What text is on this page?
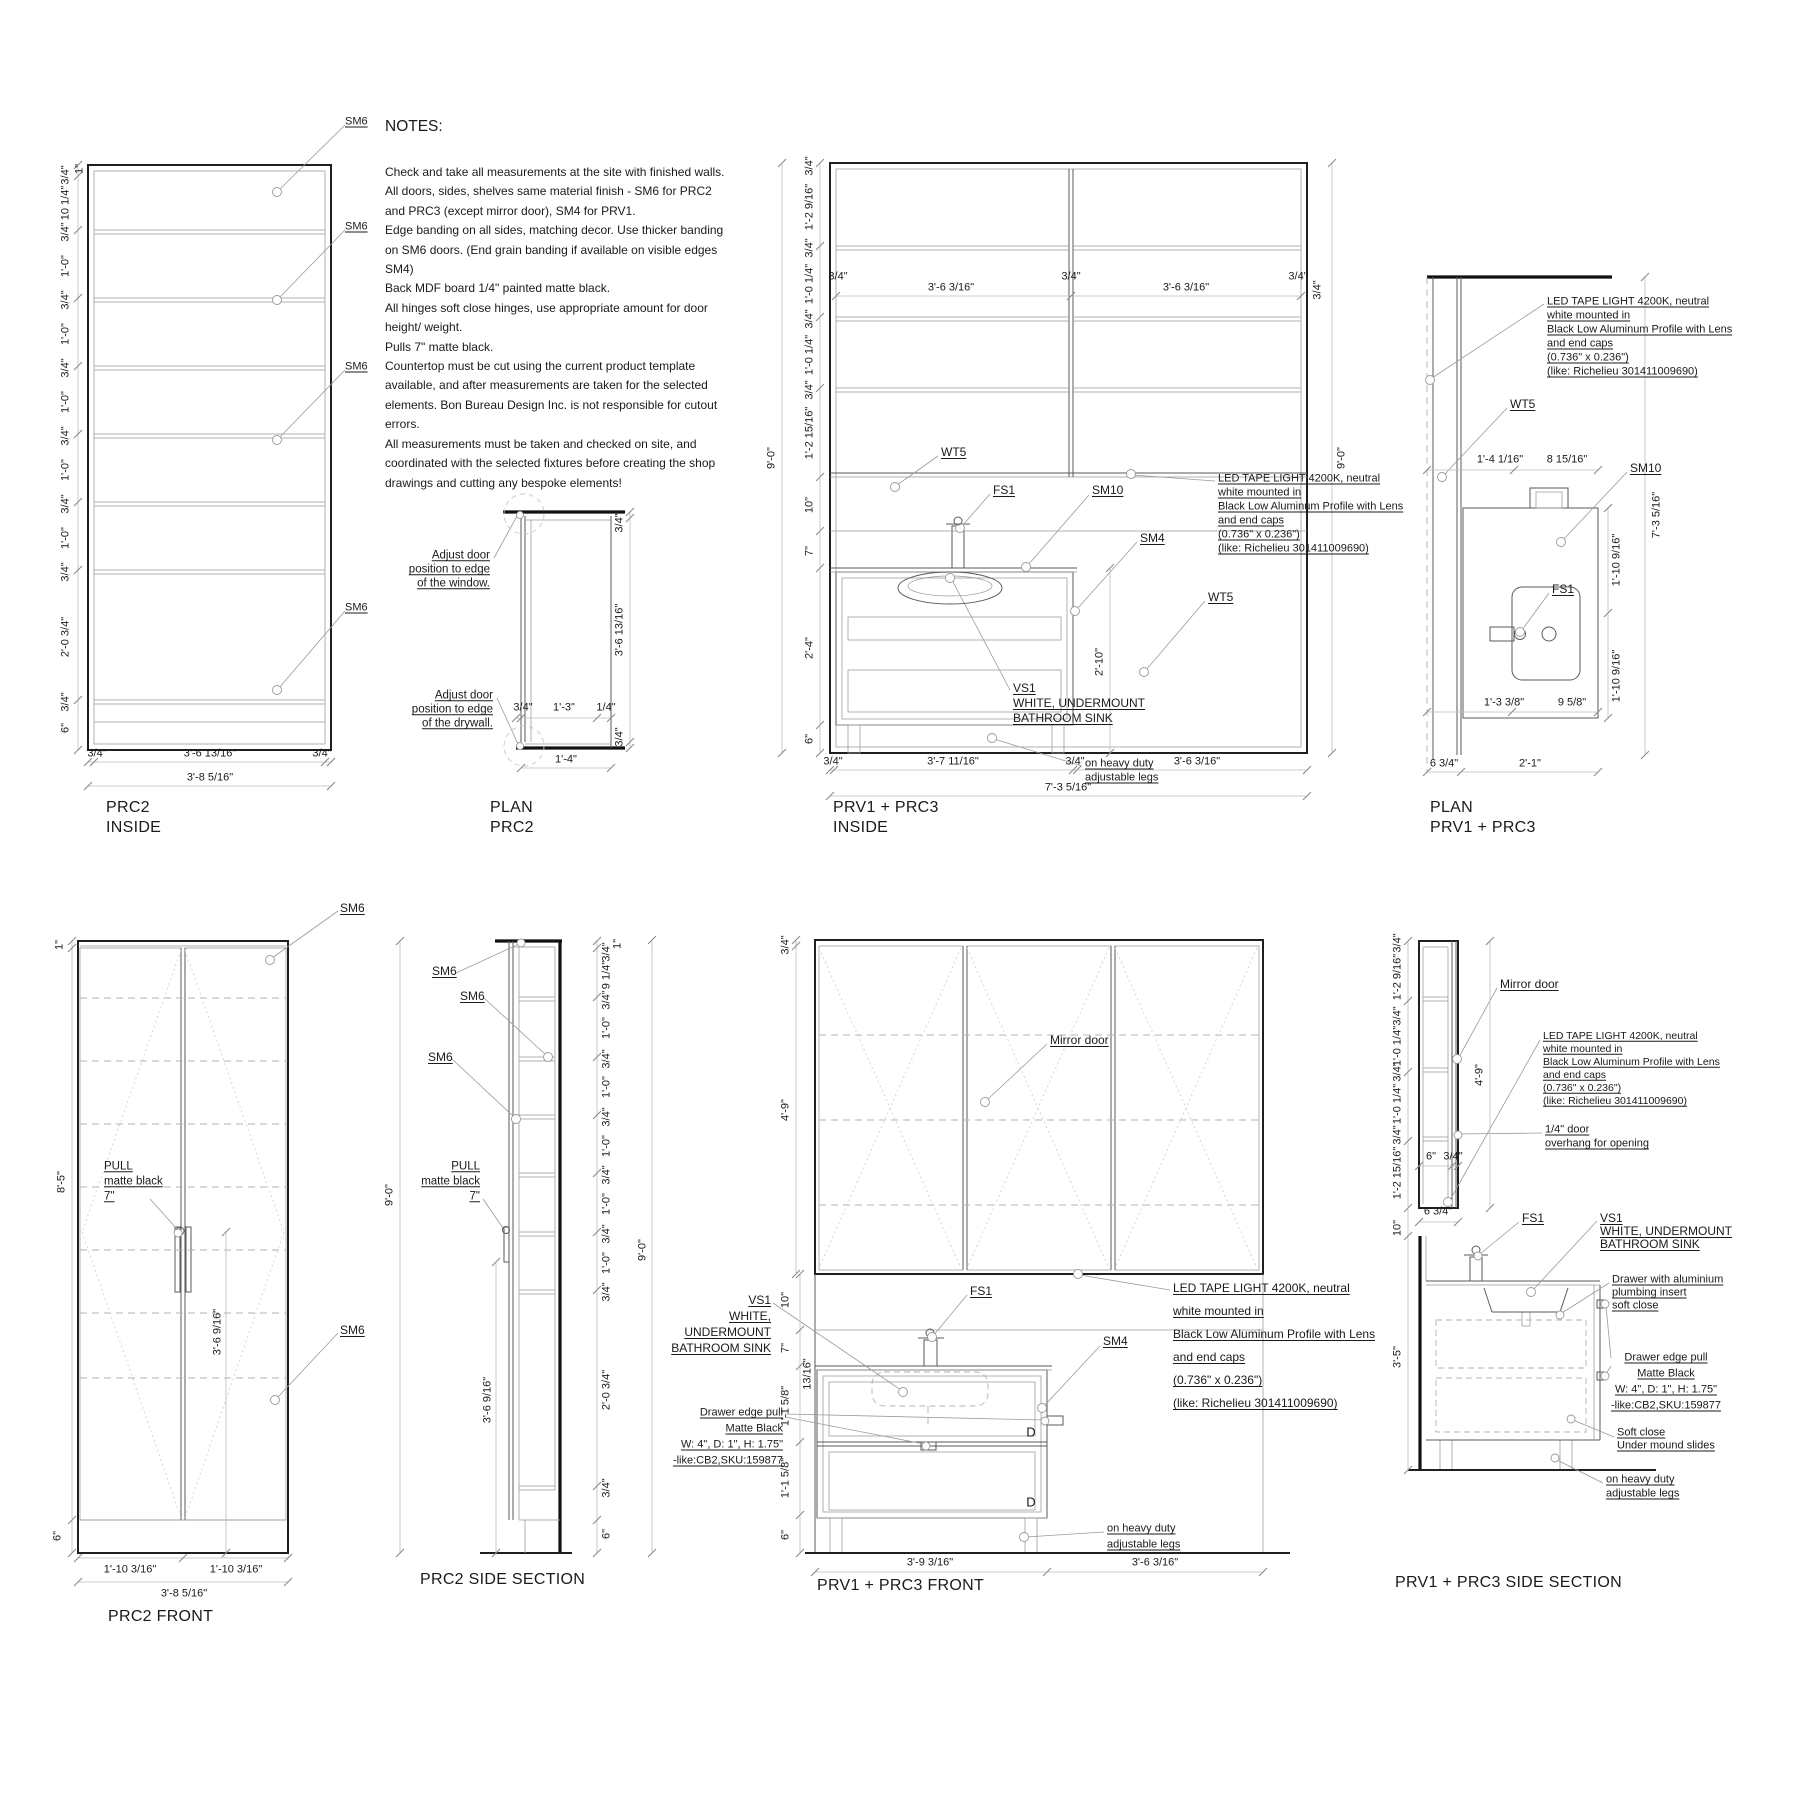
NOTES:
Check and take all measurements at the site with finished walls.
All doors, sides, shelves same material finish - SM6 for PRC2
and PRC3 (except mirror door), SM4 for PRV1.
Edge banding on all sides, matching decor. Use thicker banding
on SM6 doors. (End grain banding if available on visible edges
SM4)
Back MDF board 1/4" painted matte black.
All hinges soft close hinges, use appropriate amount for door
height/ weight.
Pulls 7" matte black.
Countertop must be cut using the current product template
available, and after measurements are taken for the selected
elements. Bon Bureau Design Inc. is not responsible for cutout
errors.
All measurements must be taken and checked on site, and
coordinated with the selected fixtures before creating the shop
drawings and cutting any bespoke elements!
1"
3/4"
10 1/4"
3/4"
1'-0"
3/4"
1'-0"
3/4"
1'-0"
3/4"
1'-0"
3/4"
1'-0"
3/4"
2'-0 3/4"
3/4"
6"
3/4"	3'-6 13/16"	3/4"
3'-8 5/16"
SM6
SM6
SM6
SM6
PRC2
INSIDE
Adjust door
position to edge
of the window.
Adjust door
position to edge
of the drywall.
3/4" 1'-3" 1/4"
1'-4"
3/4"
3'-6 13/16"
3/4"
PLAN
PRC2
9'-0"
3/4"
1'-2 9/16"
3/4"
1'-0 1/4"
3/4"
1'-0 1/4"
3/4"
1'-2 15/16"
10"
7"
2'-4"
6"
3/4"
9'-0"
2'-10"
3/4"
3'-6 3/16"
3/4"
3'-6 3/16"
3/4"
3/4"	3'-7 11/16"	3/4"	3'-6 3/16"
7'-3 5/16"
WT5
FS1	SM10
SM4
WT5
LED TAPE LIGHT 4200K, neutral
white mounted in
Black Low Aluminum Profile with Lens
and end caps
(0.736" x 0.236")
(like: Richelieu 301411009690)
VS1
WHITE, UNDERMOUNT
BATHROOM SINK
on heavy duty
adjustable legs
PRV1 + PRC3
INSIDE
LED TAPE LIGHT 4200K, neutral
white mounted in
Black Low Aluminum Profile with Lens
and end caps
(0.736" x 0.236")
(like: Richelieu 301411009690)
WT5
1'-4 1/16" 8 15/16"
SM10
7'-3 5/16"
1'-10 9/16"
1'-10 9/16"
FS1
1'-3 3/8"	9 5/8"
6 3/4"	2'-1"
PLAN
PRV1 + PRC3
1"
8'-5"
6"
3'-6 9/16"
PULL
matte black
7"
SM6
SM6
1'-10 3/16"	1'-10 3/16"
3'-8 5/16"
PRC2 FRONT
9'-0"
SM6
SM6
SM6
PULL
matte black
7"
1"
3/4"
9 1/4"
3/4"
1'-0"
3/4"
1'-0"
3/4"
1'-0"
3/4"
1'-0"
3/4"
1'-0"
3/4"
2'-0 3/4"
3/4"
6"
3'-6 9/16"
PRC2 SIDE SECTION
9'-0"
3/4"
4'-9"
10"
7"
13/16"
1'-1 5/8"
1'-1 5/8"
6"
VS1
WHITE,
UNDERMOUNT
BATHROOM SINK
Drawer edge pull
Matte Black
W: 4", D: 1", H: 1.75"
-like:CB2,SKU:159877
FS1
Mirror door
SM4
LED TAPE LIGHT 4200K, neutral
white mounted in
Black Low Aluminum Profile with Lens
and end caps
(0.736" x 0.236")
(like: Richelieu 301411009690)
on heavy duty
adjustable legs
D
D
3'-9 3/16"	3'-6 3/16"
PRV1 + PRC3 FRONT
3/4"
1'-2 9/16"
3/4"
1'-0 1/4"
3/4"
1'-0 1/4"
3/4"
1'-2 15/16"
10"
3'-5"
4'-9"
Mirror door
LED TAPE LIGHT 4200K, neutral
white mounted in
Black Low Aluminum Profile with Lens
and end caps
(0.736" x 0.236")
(like: Richelieu 301411009690)
1/4" door
overhang for opening
6" 3/4"
6 3/4"	FS1	VS1
WHITE, UNDERMOUNT
BATHROOM SINK
Drawer with aluminium
plumbing insert
soft close
Drawer edge pull
Matte Black
W: 4", D: 1", H: 1.75"
-like:CB2,SKU:159877
Soft close
Under mound slides
on heavy duty
adjustable legs
PRV1 + PRC3 SIDE SECTION
